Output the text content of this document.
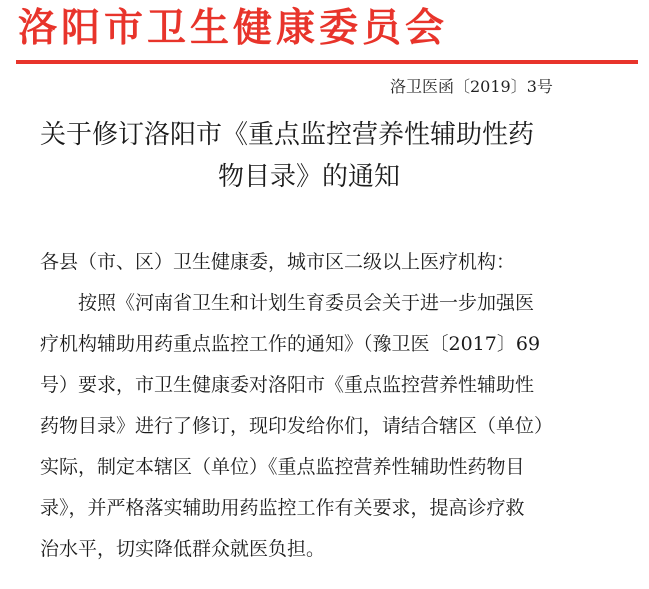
洛阳市卫生健康委员会
洛卫医函〔2019〕3号
关于修订洛阳市《重点监控营养性辅助性药
物目录》的通知
各县（市、区）卫生健康委，城市区二级以上医疗机构：
按照《河南省卫生和计划生育委员会关于进一步加强医
疗机构辅助用药重点监控工作的通知》（豫卫医〔2017〕69
号）要求，市卫生健康委对洛阳市《重点监控营养性辅助性
药物目录》进行了修订，现印发给你们，请结合辖区（单位）
实际，制定本辖区（单位）《重点监控营养性辅助性药物目
录》，并严格落实辅助用药监控工作有关要求，提高诊疗救
治水平，切实降低群众就医负担。
